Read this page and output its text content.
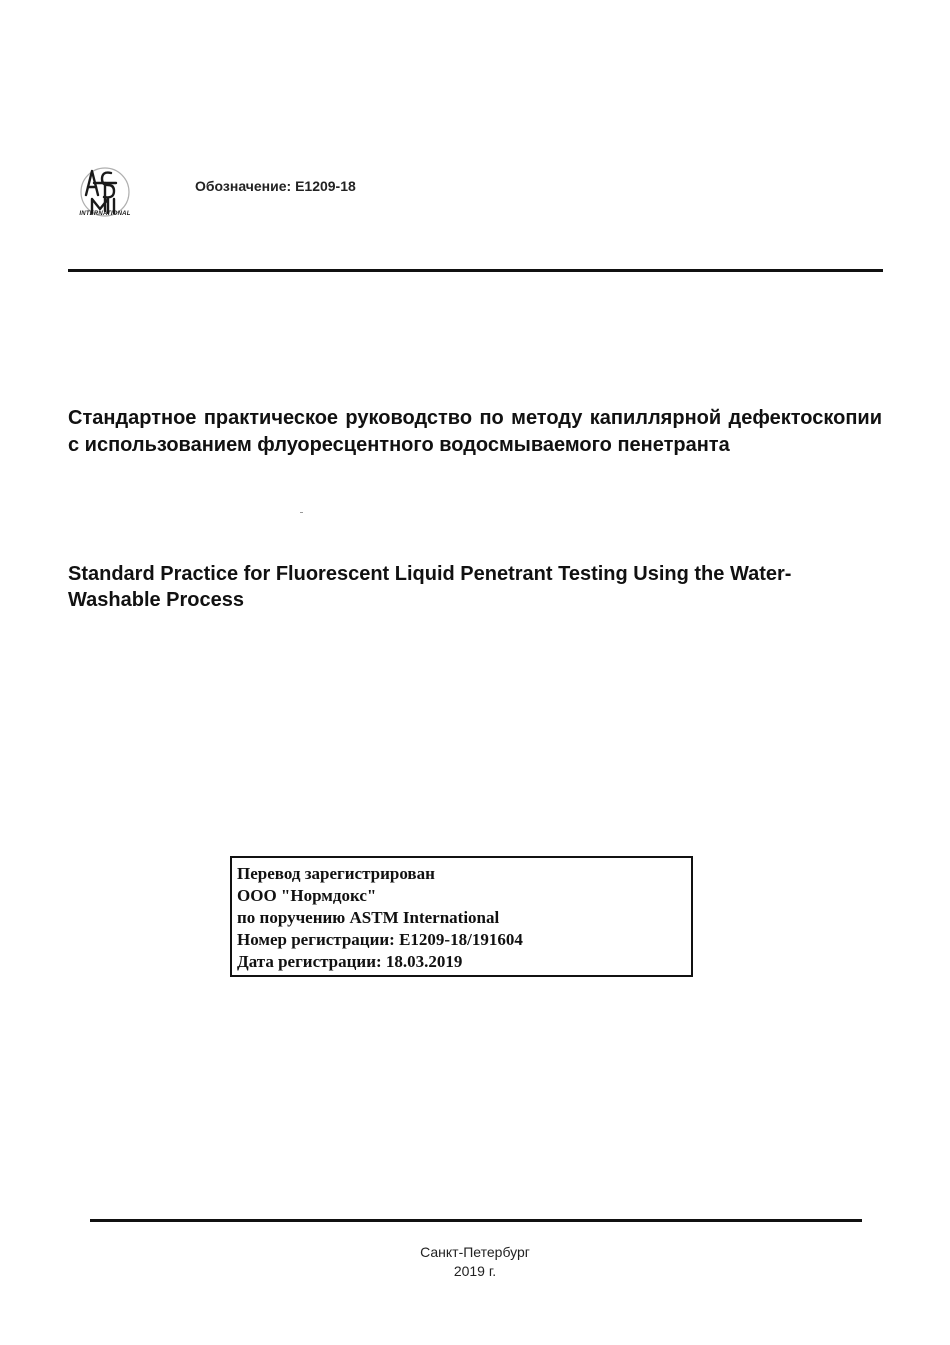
INTERNATIONAL
Обозначение: E1209-18
Стандартное практическое руководство по методу капиллярной дефектоскопии с использованием флуоресцентного водосмываемого пенетранта
Standard Practice for Fluorescent Liquid Penetrant Testing Using the Water-
Washable Process
Перевод зарегистрирован
ООО "Нормдокс"
по поручению ASTM International
Номер регистрации: E1209-18/191604
Дата регистрации: 18.03.2019
Санкт-Петербург
2019 г.
